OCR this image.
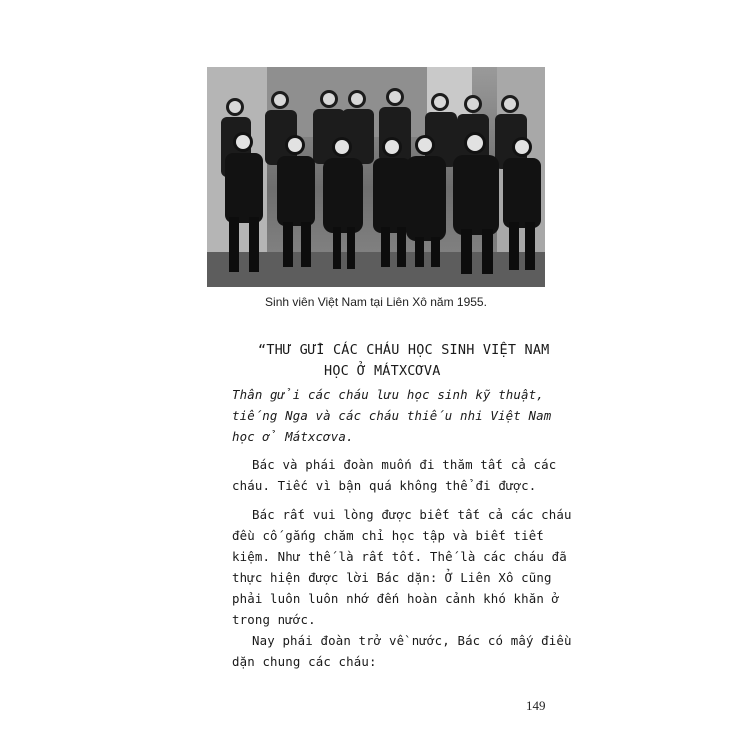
Sinh viên Việt Nam tại Liên Xô năm 1955.
“THƯ GỬI CÁC CHÁU HỌC SINH VIỆT NAM
HỌC Ở MÁTXCƠVA

Thân gửi các cháu lưu học sinh kỹ thuật, tiếng Nga và các cháu thiếu nhi Việt Nam học ở Mátxcơva.

Bác và phái đoàn muốn đi thăm tất cả các cháu. Tiếc vì bận quá không thể đi được.

Bác rất vui lòng được biết tất cả các cháu đều cố gắng chăm chỉ học tập và biết tiết kiệm. Như thế là rất tốt. Thế là các cháu đã thực hiện được lời Bác dặn: Ở Liên Xô cũng phải luôn luôn nhớ đến hoàn cảnh khó khăn ở trong nước.

Nay phái đoàn trở về nước, Bác có mấy điều dặn chung các cháu:

149
